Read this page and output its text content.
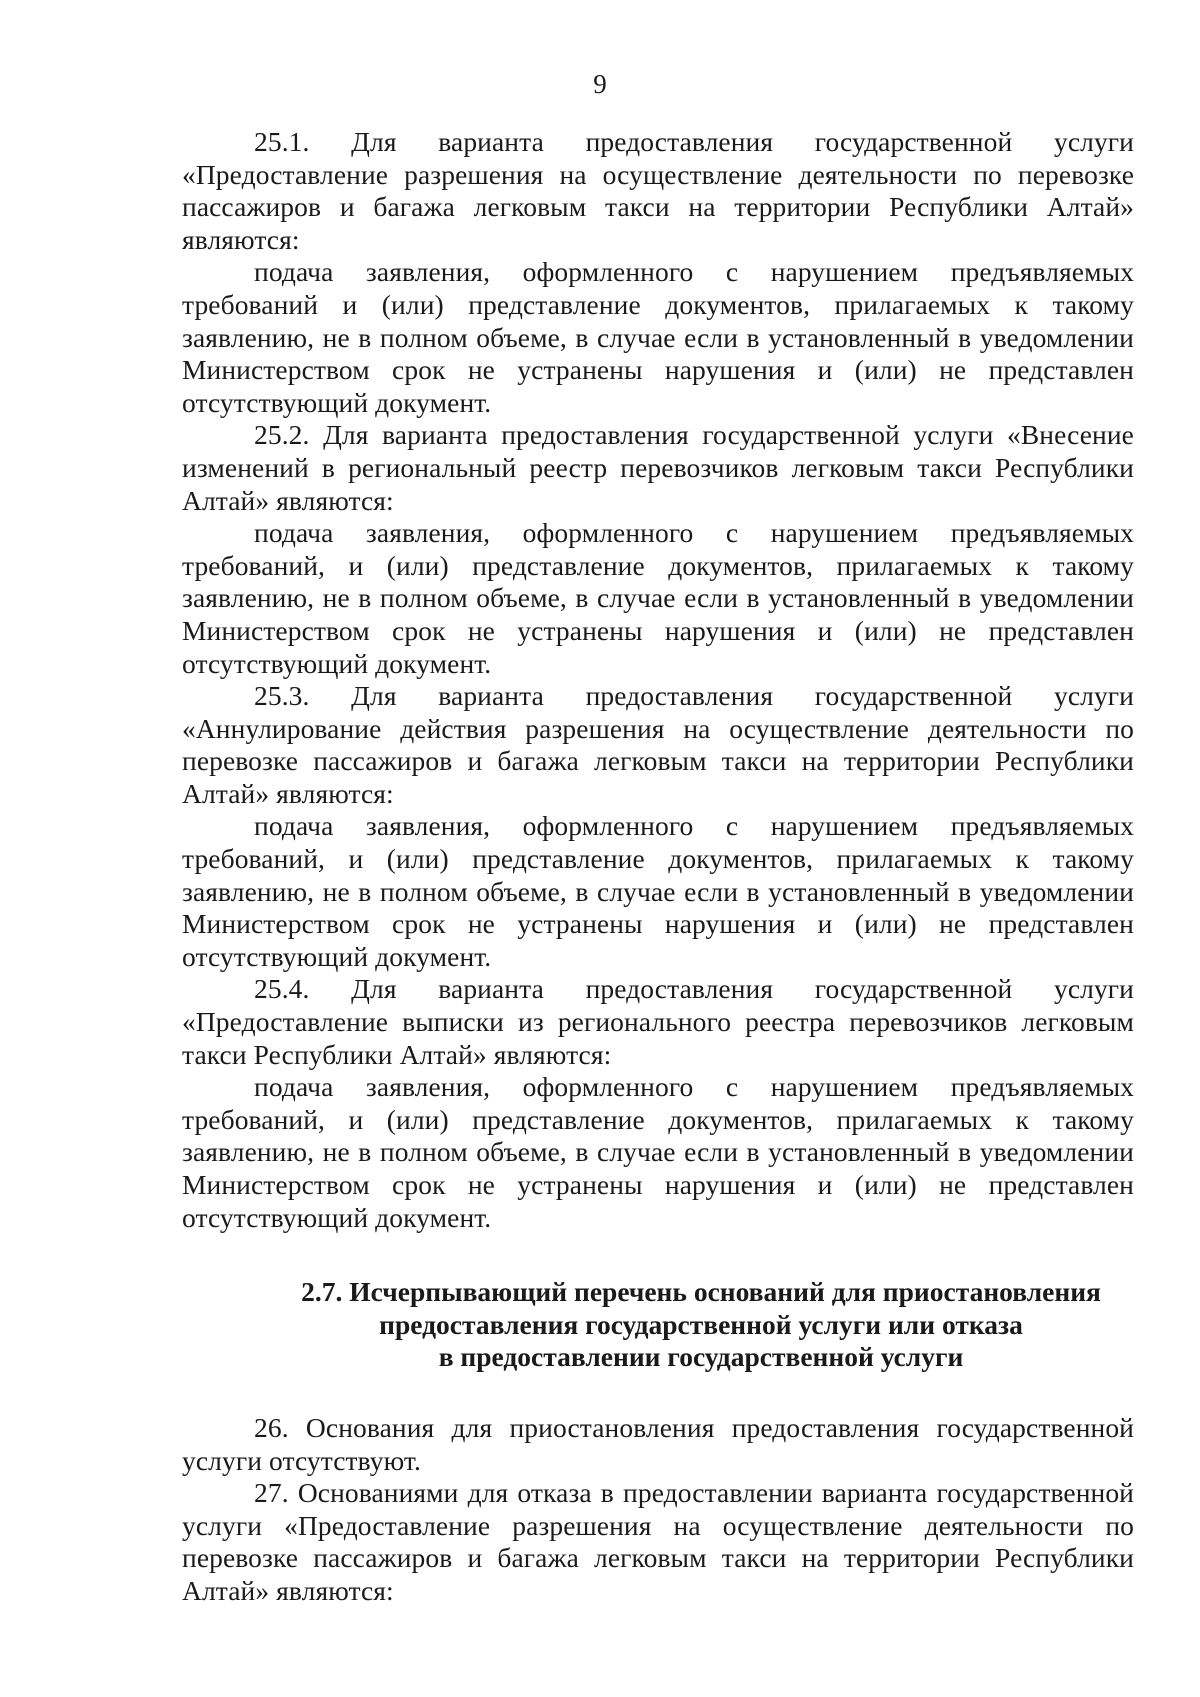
9

25.1. Для варианта предоставления государственной услуги «Предоставление разрешения на осуществление деятельности по перевозке пассажиров и багажа легковым такси на территории Республики Алтай» являются:

подача заявления, оформленного с нарушением предъявляемых требований и (или) представление документов, прилагаемых к такому заявлению, не в полном объеме, в случае если в установленный в уведомлении Министерством срок не устранены нарушения и (или) не представлен отсутствующий документ.

25.2. Для варианта предоставления государственной услуги «Внесение изменений в региональный реестр перевозчиков легковым такси Республики Алтай» являются:

подача заявления, оформленного с нарушением предъявляемых требований, и (или) представление документов, прилагаемых к такому заявлению, не в полном объеме, в случае если в установленный в уведомлении Министерством срок не устранены нарушения и (или) не представлен отсутствующий документ.

25.3. Для варианта предоставления государственной услуги «Аннулирование действия разрешения на осуществление деятельности по перевозке пассажиров и багажа легковым такси на территории Республики Алтай» являются:

подача заявления, оформленного с нарушением предъявляемых требований, и (или) представление документов, прилагаемых к такому заявлению, не в полном объеме, в случае если в установленный в уведомлении Министерством срок не устранены нарушения и (или) не представлен отсутствующий документ.

25.4. Для варианта предоставления государственной услуги «Предоставление выписки из регионального реестра перевозчиков легковым такси Республики Алтай» являются:

подача заявления, оформленного с нарушением предъявляемых требований, и (или) представление документов, прилагаемых к такому заявлению, не в полном объеме, в случае если в установленный в уведомлении Министерством срок не устранены нарушения и (или) не представлен отсутствующий документ.

2.7. Исчерпывающий перечень оснований для приостановления
предоставления государственной услуги или отказа
в предоставлении государственной услуги

26. Основания для приостановления предоставления государственной услуги отсутствуют.

27. Основаниями для отказа в предоставлении варианта государственной услуги «Предоставление разрешения на осуществление деятельности по перевозке пассажиров и багажа легковым такси на территории Республики Алтай» являются:
